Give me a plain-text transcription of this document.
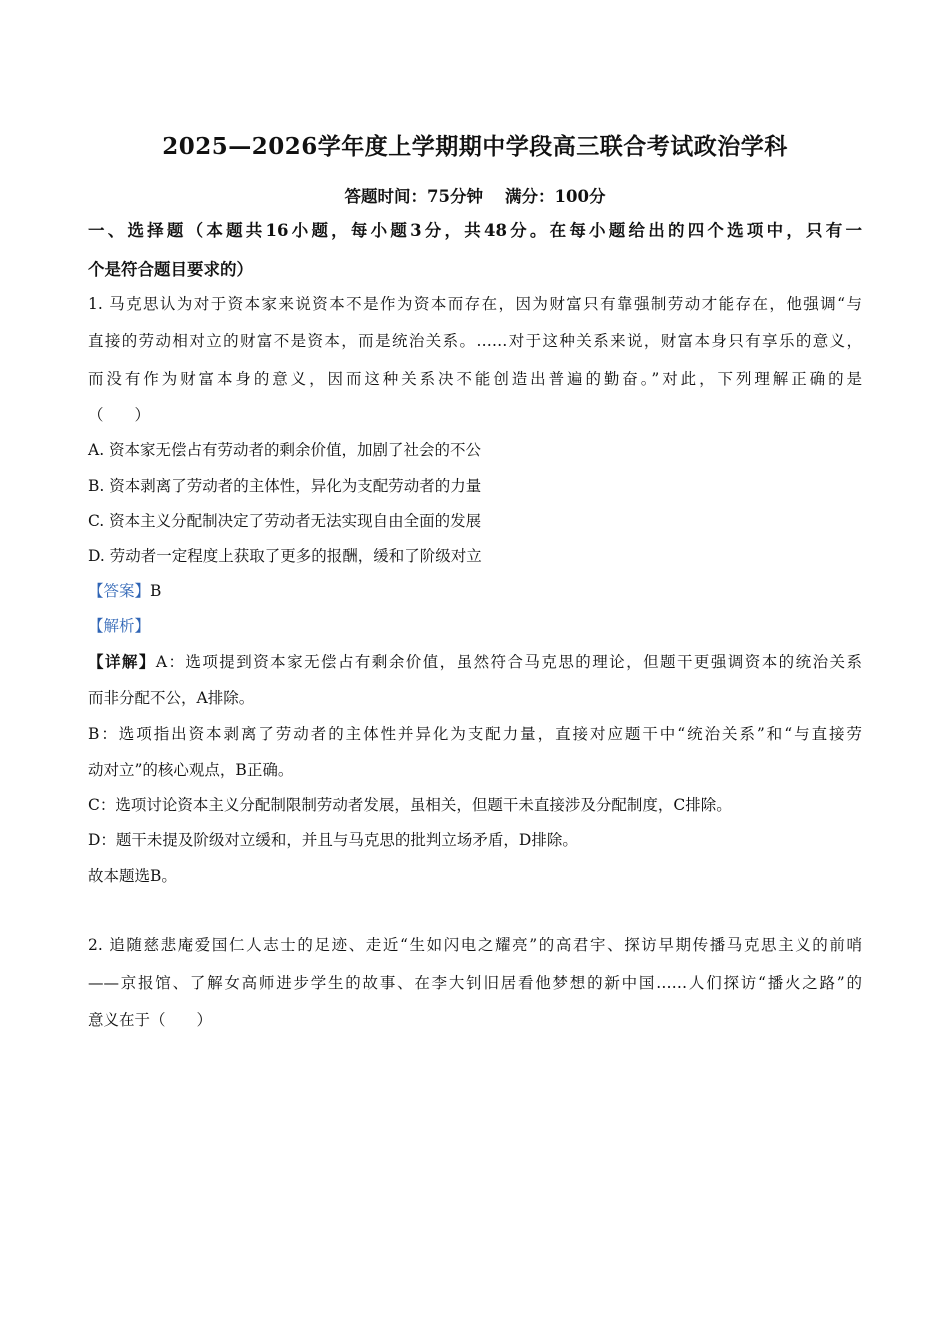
2025—2026学年度上学期期中学段高三联合考试政治学科
答题时间：75分钟 满分：100分
一、选择题（本题共16小题，每小题3分，共48分。在每小题给出的四个选项中，只有一
个是符合题目要求的）
1. 马克思认为对于资本家来说资本不是作为资本而存在，因为财富只有靠强制劳动才能存在，他强调“与
直接的劳动相对立的财富不是资本，而是统治关系。……对于这种关系来说，财富本身只有享乐的意义，
而没有作为财富本身的意义，因而这种关系决不能创造出普遍的勤奋。”对此，下列理解正确的是
（　　）
A. 资本家无偿占有劳动者的剩余价值，加剧了社会的不公
B. 资本剥离了劳动者的主体性，异化为支配劳动者的力量
C. 资本主义分配制决定了劳动者无法实现自由全面的发展
D. 劳动者一定程度上获取了更多的报酬，缓和了阶级对立
【答案】B
【解析】
【详解】A：选项提到资本家无偿占有剩余价值，虽然符合马克思的理论，但题干更强调资本的统治关系
而非分配不公，A排除。
B：选项指出资本剥离了劳动者的主体性并异化为支配力量，直接对应题干中“统治关系”和“与直接劳
动对立”的核心观点，B正确。
C：选项讨论资本主义分配制限制劳动者发展，虽相关，但题干未直接涉及分配制度，C排除。
D：题干未提及阶级对立缓和，并且与马克思的批判立场矛盾，D排除。
故本题选B。
2. 追随慈悲庵爱国仁人志士的足迹、走近“生如闪电之耀亮”的高君宇、探访早期传播马克思主义的前哨
——京报馆、了解女高师进步学生的故事、在李大钊旧居看他梦想的新中国……人们探访“播火之路”的
意义在于（　　）
